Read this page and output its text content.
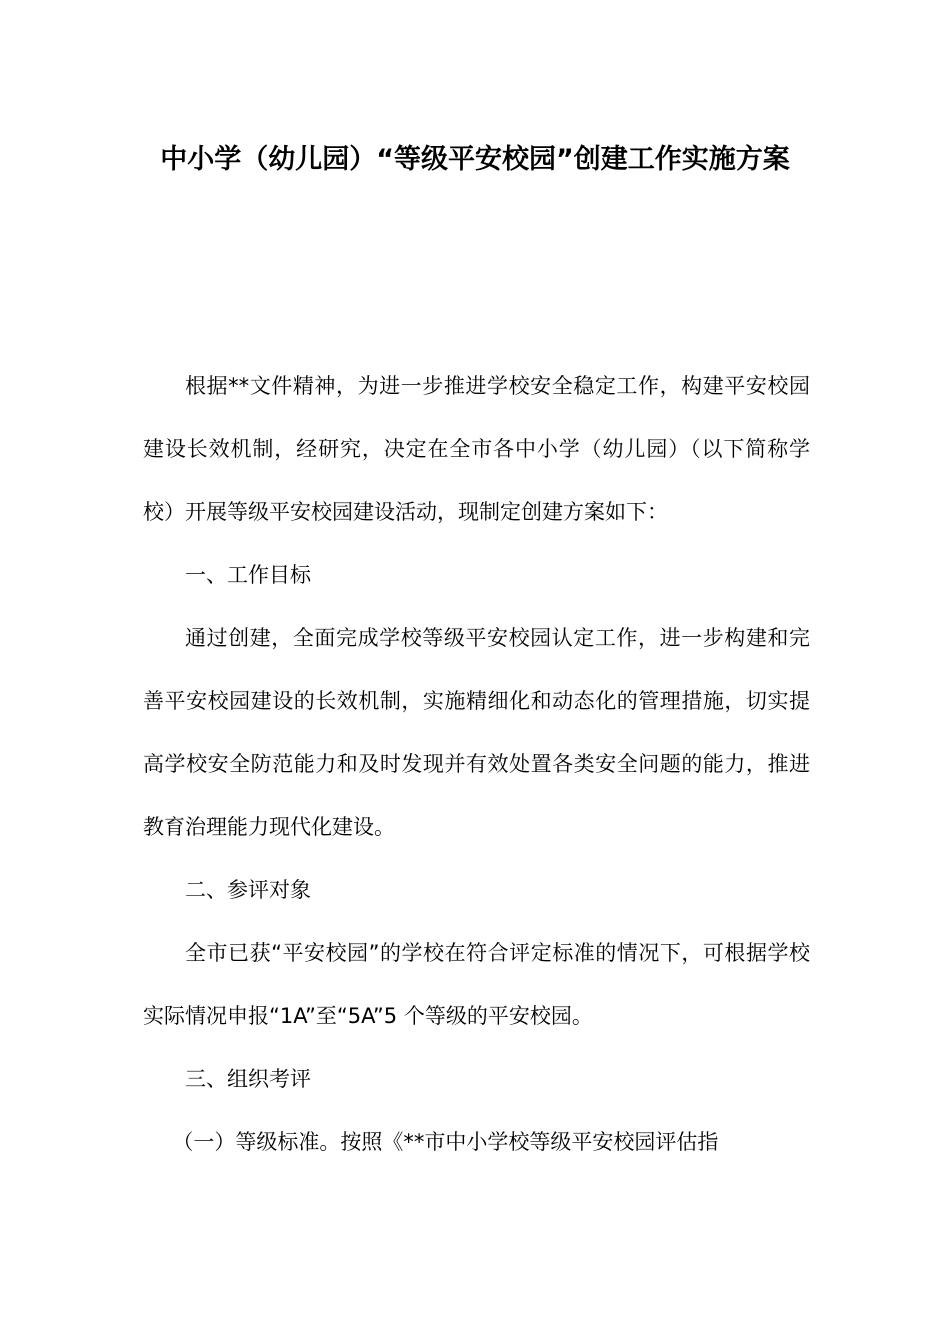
中小学（幼儿园）“等级平安校园”创建工作实施方案

根据**文件精神，为进一步推进学校安全稳定工作，构建平安校园建设长效机制，经研究，决定在全市各中小学（幼儿园）（以下简称学校）开展等级平安校园建设活动，现制定创建方案如下：

一、工作目标

通过创建，全面完成学校等级平安校园认定工作，进一步构建和完善平安校园建设的长效机制，实施精细化和动态化的管理措施，切实提高学校安全防范能力和及时发现并有效处置各类安全问题的能力，推进教育治理能力现代化建设。

二、参评对象

全市已获“平安校园”的学校在符合评定标准的情况下，可根据学校实际情况申报“1A”至“5A”5 个等级的平安校园。

三、组织考评

（一）等级标准。按照《**市中小学校等级平安校园评估指
